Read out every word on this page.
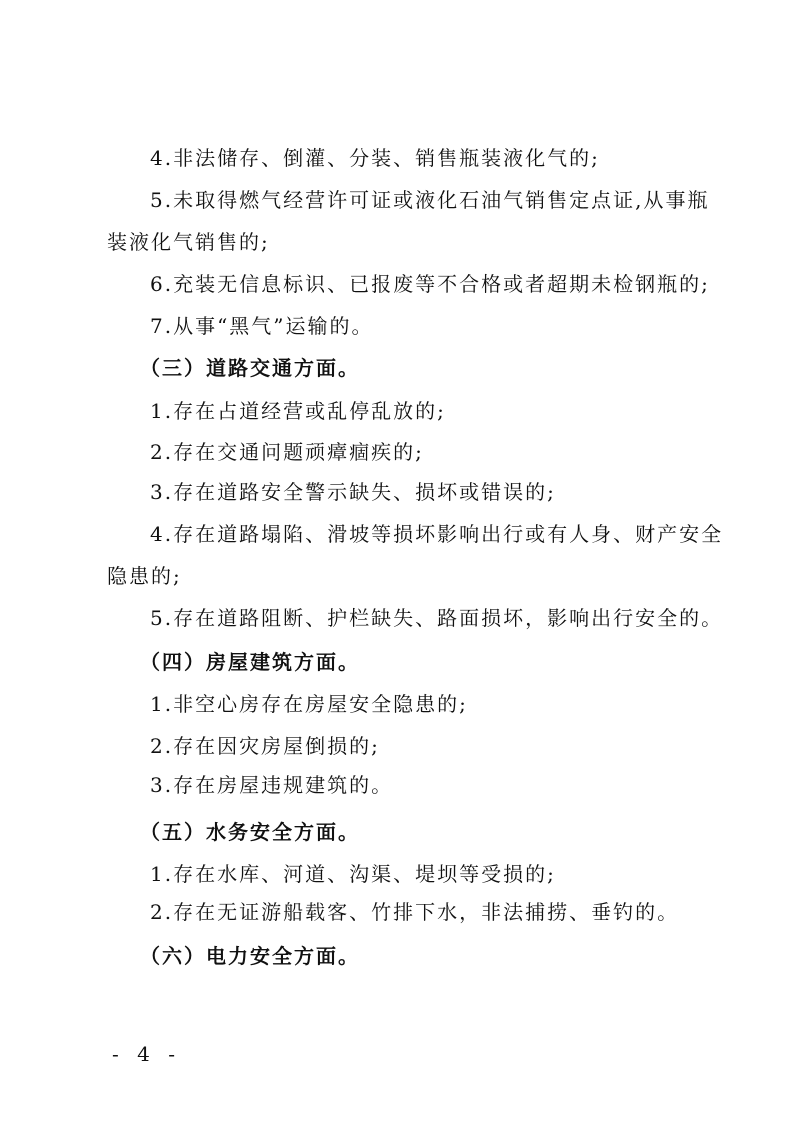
4.非法储存、倒灌、分装、销售瓶装液化气的;
5.未取得燃气经营许可证或液化石油气销售定点证,从事瓶
装液化气销售的;
6.充装无信息标识、已报废等不合格或者超期未检钢瓶的;
7.从事“黑气”运输的。
（三）道路交通方面。
1.存在占道经营或乱停乱放的;
2.存在交通问题顽瘴痼疾的;
3.存在道路安全警示缺失、损坏或错误的;
4.存在道路塌陷、滑坡等损坏影响出行或有人身、财产安全
隐患的;
5.存在道路阻断、护栏缺失、路面损坏，影响出行安全的。
（四）房屋建筑方面。
1.非空心房存在房屋安全隐患的;
2.存在因灾房屋倒损的;
3.存在房屋违规建筑的。
（五）水务安全方面。
1.存在水库、河道、沟渠、堤坝等受损的;
2.存在无证游船载客、竹排下水，非法捕捞、垂钓的。
（六）电力安全方面。
- 4 -
